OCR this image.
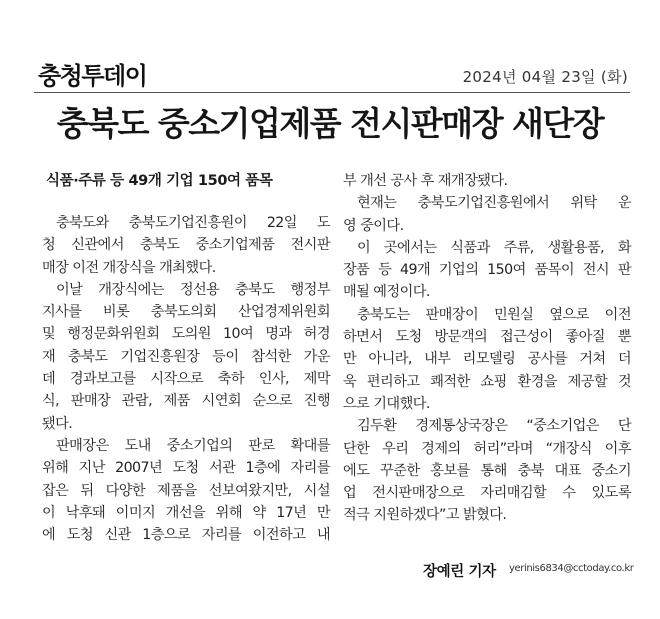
충청투데이	2024년 04월 23일 (화)
충북도 중소기업제품 전시판매장 새단장
식품·주류 등 49개 기업 150여 품목
충북도와 충북도기업진흥원이 22일 도
청 신관에서 충북도 중소기업제품 전시판
매장 이전 개장식을 개최했다.
이날 개장식에는 정선용 충북도 행정부
지사를 비롯 충북도의회 산업경제위원회
및 행정문화위원회 도의원 10여 명과 허경
재 충북도 기업진흥원장 등이 참석한 가운
데 경과보고를 시작으로 축하 인사, 제막
식, 판매장 관람, 제품 시연회 순으로 진행
됐다.
판매장은 도내 중소기업의 판로 확대를
위해 지난 2007년 도청 서관 1층에 자리를
잡은 뒤 다양한 제품을 선보여왔지만, 시설
이 낙후돼 이미지 개선을 위해 약 17년 만
에 도청 신관 1층으로 자리를 이전하고 내
부 개선 공사 후 재개장됐다.
현재는 충북도기업진흥원에서 위탁 운
영 중이다.
이 곳에서는 식품과 주류, 생활용품, 화
장품 등 49개 기업의 150여 품목이 전시 판
매될 예정이다.
충북도는 판매장이 민원실 옆으로 이전
하면서 도청 방문객의 접근성이 좋아질 뿐
만 아니라, 내부 리모델링 공사를 거쳐 더
욱 편리하고 쾌적한 쇼핑 환경을 제공할 것
으로 기대했다.
김두환 경제통상국장은 “중소기업은 단
단한 우리 경제의 허리”라며 “개장식 이후
에도 꾸준한 홍보를 통해 충북 대표 중소기
업 전시판매장으로 자리매김할 수 있도록
적극 지원하겠다”고 밝혔다.
장예린 기자 yerinis6834@cctoday.co.kr
